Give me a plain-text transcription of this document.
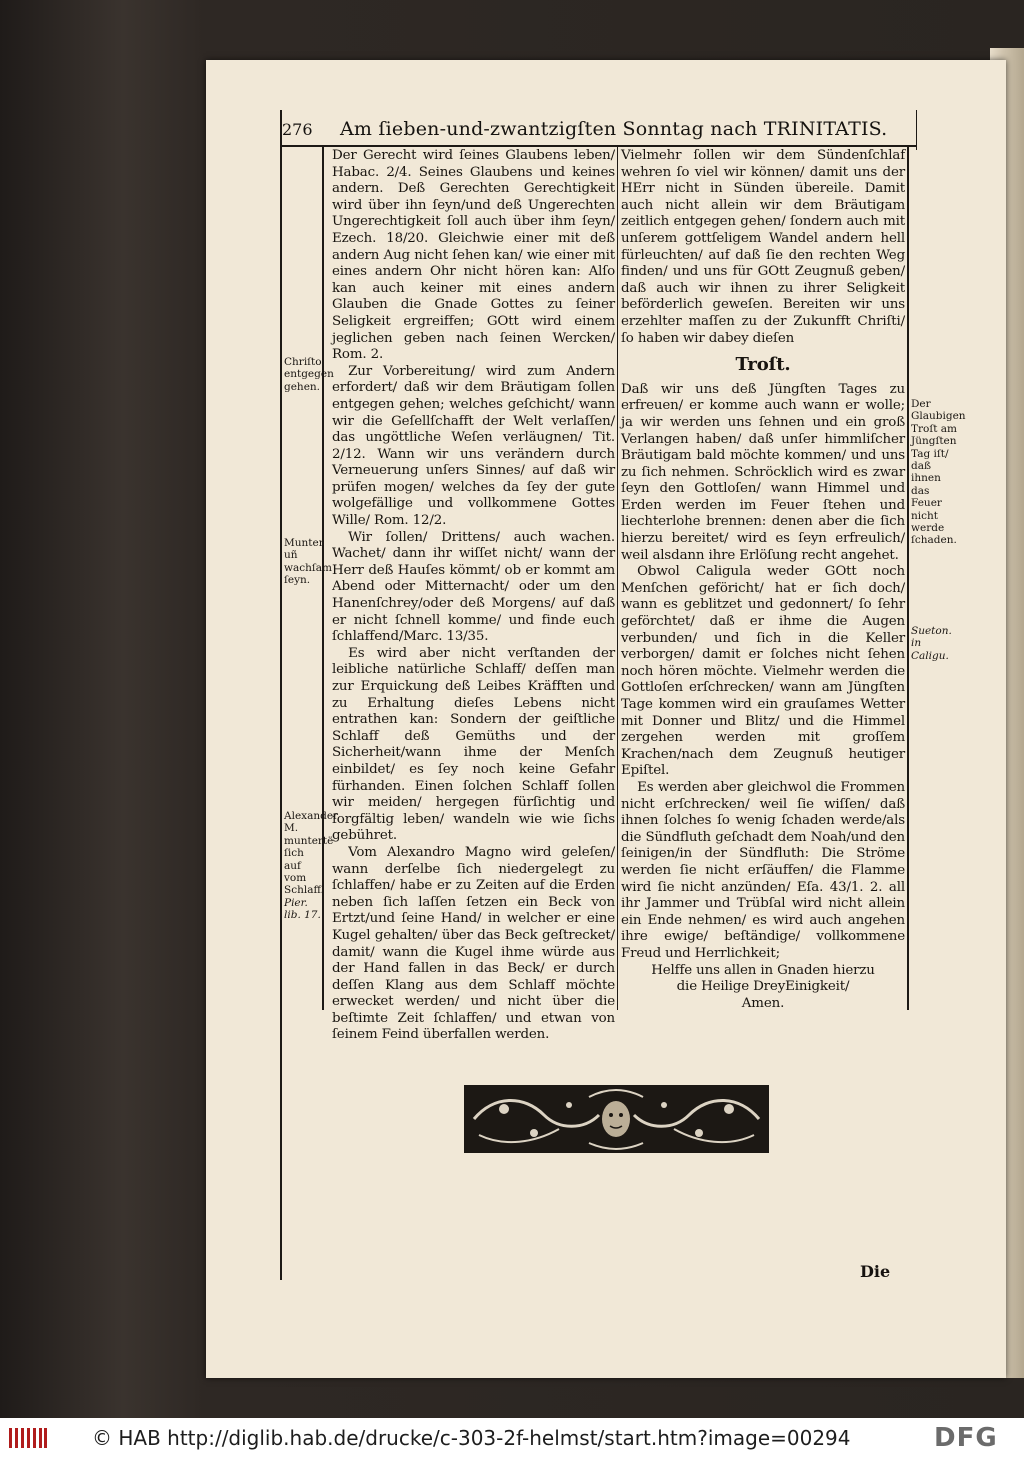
276 Am ſieben-und-zwantzigſten Sonntag nach TRINITATIS.
Chriſto entgegen gehen.
Munter uñ wachſam ſeyn.
Alexander M. muntertë ſich auf vom Schlaff. Pier. lib. 17.
Der Glaubigen Troſt am Jüngſten Tag iſt/ daß ihnen das Feuer nicht werde ſchaden.
Sueton. in Caligu.

Der Gerecht wird ſeines Glaubens leben/ Habac. 2/4. Seines Glaubens und keines andern. Deß Gerechten Gerechtigkeit wird über ihn ſeyn/und deß Ungerechten Ungerechtigkeit ſoll auch über ihm ſeyn/ Ezech. 18/20. Gleichwie einer mit deß andern Aug nicht ſehen kan/ wie einer mit eines andern Ohr nicht hören kan: Alſo kan auch keiner mit eines andern Glauben die Gnade Gottes zu ſeiner Seligkeit ergreiffen; GOtt wird einem jeglichen geben nach ſeinen Wercken/ Rom. 2.

Zur Vorbereitung/ wird zum Andern erfordert/ daß wir dem Bräutigam ſollen entgegen gehen; welches geſchicht/ wann wir die Geſellſchafft der Welt verlaſſen/ das ungöttliche Weſen verläugnen/ Tit. 2/12. Wann wir uns verändern durch Verneuerung unſers Sinnes/ auf daß wir prüfen mogen/ welches da ſey der gute wolgefällige und vollkommene Gottes Wille/ Rom. 12/2.

Wir ſollen/ Drittens/ auch wachen. Wachet/ dann ihr wiſſet nicht/ wann der Herr deß Hauſes kömmt/ ob er kommt am Abend oder Mitternacht/ oder um den Hanenſchrey/oder deß Morgens/ auf daß er nicht ſchnell komme/ und finde euch ſchlaffend/Marc. 13/35.

Es wird aber nicht verſtanden der leibliche natürliche Schlaff/ deſſen man zur Erquickung deß Leibes Kräfften und zu Erhaltung dieſes Lebens nicht entrathen kan: Sondern der geiſtliche Schlaff deß Gemüths und der Sicherheit/wann ihme der Menſch einbildet/ es ſey noch keine Gefahr fürhanden. Einen ſolchen Schlaff ſollen wir meiden/ hergegen fürſichtig und ſorgfältig leben/ wandeln wie wie ſichs gebühret.

Vom Alexandro Magno wird geleſen/ wann derſelbe ſich niedergelegt zu ſchlaffen/ habe er zu Zeiten auf die Erden neben ſich laſſen ſetzen ein Beck von Ertzt/und ſeine Hand/ in welcher er eine Kugel gehalten/ über das Beck geſtrecket/ damit/ wann die Kugel ihme würde aus der Hand fallen in das Beck/ er durch deſſen Klang aus dem Schlaff möchte erwecket werden/ und nicht über die beſtimte Zeit ſchlaffen/ und etwan von ſeinem Feind überfallen werden.

Vielmehr ſollen wir dem Sündenſchlaf wehren ſo viel wir können/ damit uns der HErr nicht in Sünden übereile. Damit auch nicht allein wir dem Bräutigam zeitlich entgegen gehen/ ſondern auch mit unſerem gottſeligem Wandel andern hell fürleuchten/ auf daß ſie den rechten Weg finden/ und uns für GOtt Zeugnuß geben/ daß auch wir ihnen zu ihrer Seligkeit beförderlich geweſen. Bereiten wir uns erzehlter maſſen zu der Zukunfft Chriſti/ ſo haben wir dabey dieſen

Troſt.

Daß wir uns deß Jüngſten Tages zu erfreuen/ er komme auch wann er wolle; ja wir werden uns ſehnen und ein groß Verlangen haben/ daß unſer himmliſcher Bräutigam bald möchte kommen/ und uns zu ſich nehmen. Schröcklich wird es zwar ſeyn den Gottloſen/ wann Himmel und Erden werden im Feuer ſtehen und liechterlohe brennen: denen aber die ſich hierzu bereitet/ wird es ſeyn erfreulich/ weil alsdann ihre Erlöſung recht angehet.

Obwol Caligula weder GOtt noch Menſchen geföricht/ hat er ſich doch/ wann es geblitzet und gedonnert/ ſo ſehr geförchtet/ daß er ihme die Augen verbunden/ und ſich in die Keller verborgen/ damit er ſolches nicht ſehen noch hören möchte. Vielmehr werden die Gottloſen erſchrecken/ wann am Jüngſten Tage kommen wird ein grauſames Wetter mit Donner und Blitz/ und die Himmel zergehen werden mit groſſem Krachen/nach dem Zeugnuß heutiger Epiſtel.

Es werden aber gleichwol die Frommen nicht erſchrecken/ weil ſie wiſſen/ daß ihnen ſolches ſo wenig ſchaden werde/als die Sündfluth geſchadt dem Noah/und den ſeinigen/in der Sündfluth: Die Ströme werden ſie nicht erſäuffen/ die Flamme wird ſie nicht anzünden/ Eſa. 43/1. 2. all ihr Jammer und Trübſal wird nicht allein ein Ende nehmen/ es wird auch angehen ihre ewige/ beſtändige/ vollkommene Freud und Herrlichkeit;

Helffe uns allen in Gnaden hierzu

die Heilige DreyEinigkeit/

Amen.

Die
© HAB http://diglib.hab.de/drucke/c-303-2f-helmst/start.htm?image=00294	DFG
